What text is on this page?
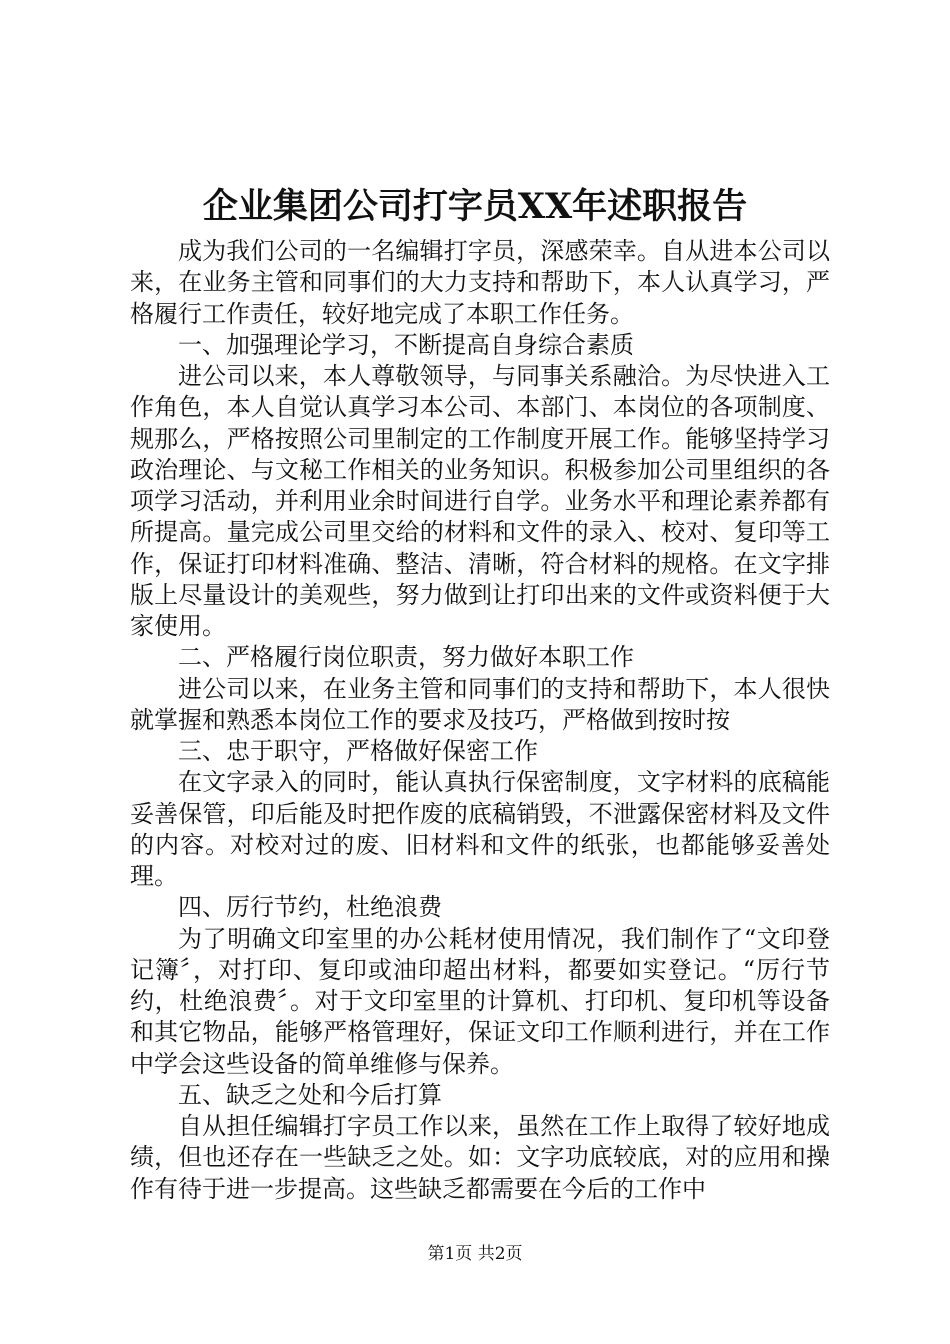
企业集团公司打字员XX年述职报告

成为我们公司的一名编辑打字员，深感荣幸。自从进本公司以来，在业务主管和同事们的大力支持和帮助下，本人认真学习，严格履行工作责任，较好地完成了本职工作任务。

一、加强理论学习，不断提高自身综合素质

进公司以来，本人尊敬领导，与同事关系融洽。为尽快进入工作角色，本人自觉认真学习本公司、本部门、本岗位的各项制度、规那么，严格按照公司里制定的工作制度开展工作。能够坚持学习政治理论、与文秘工作相关的业务知识。积极参加公司里组织的各项学习活动，并利用业余时间进行自学。业务水平和理论素养都有所提高。量完成公司里交给的材料和文件的录入、校对、复印等工作，保证打印材料准确、整洁、清晰，符合材料的规格。在文字排版上尽量设计的美观些，努力做到让打印出来的文件或资料便于大家使用。

二、严格履行岗位职责，努力做好本职工作

进公司以来，在业务主管和同事们的支持和帮助下，本人很快就掌握和熟悉本岗位工作的要求及技巧，严格做到按时按

三、忠于职守，严格做好保密工作

在文字录入的同时，能认真执行保密制度，文字材料的底稿能妥善保管，印后能及时把作废的底稿销毁，不泄露保密材料及文件的内容。对校对过的废、旧材料和文件的纸张，也都能够妥善处理。

四、厉行节约，杜绝浪费

为了明确文印室里的办公耗材使用情况，我们制作了“文印登记簿〞，对打印、复印或油印超出材料，都要如实登记。“厉行节约，杜绝浪费〞。对于文印室里的计算机、打印机、复印机等设备和其它物品，能够严格管理好，保证文印工作顺利进行，并在工作中学会这些设备的简单维修与保养。

五、缺乏之处和今后打算

自从担任编辑打字员工作以来，虽然在工作上取得了较好地成绩，但也还存在一些缺乏之处。如：文字功底较底，对的应用和操作有待于进一步提高。这些缺乏都需要在今后的工作中

第1页 共2页
